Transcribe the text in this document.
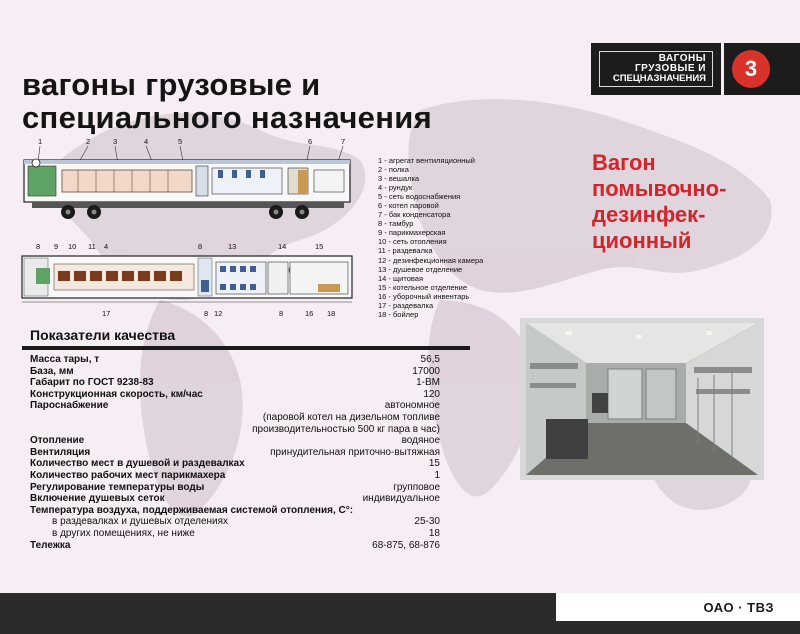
ВАГОНЫ
ГРУЗОВЫЕ И
СПЕЦНАЗНАЧЕНИЯ	3
вагоны грузовые и
специального назначения
1	2	3	4	5	6	7
8 9 10 11 4	8	13	14	15
17	8 12	8	16 18
1 - агрегат вентиляционный
2 - полка
3 - вешалка
4 - рундук
5 - сеть водоснабжения
6 - котел паровой
7 - бак конденсатора
8 - тамбур
9 - парикмахерская
10 - сеть отопления
11 - раздевалка
12 - дезинфекционная камера
13 - душевое отделение
14 - щитовая
15 - котельное отделение
16 - уборочный инвентарь
17 - раздевалка
18 - бойлер
Вагон
помывочно-
дезинфек-
ционный
Показатели качества
Масса тары, т	56,5
База, мм	17000
Габарит по ГОСТ 9238-83	1-ВМ
Конструкционная скорость, км/час	120
Пароснабжение	автономное
(паровой котел на дизельном топливе
производительностью 500 кг пара в час)
Отопление	водяное
Вентиляция	принудительная приточно-вытяжная
Количество мест в душевой и раздевалках	15
Количество рабочих мест парикмахера	1
Регулирование температуры воды	групповое
Включение душевых сеток	индивидуальное
Температура воздуха, поддерживаемая системой отопления, С°:
в раздевалках и душевых отделениях	25-30
в других помещениях, не ниже	18
Тележка	68-875, 68-876
ОАО · ТВЗ
